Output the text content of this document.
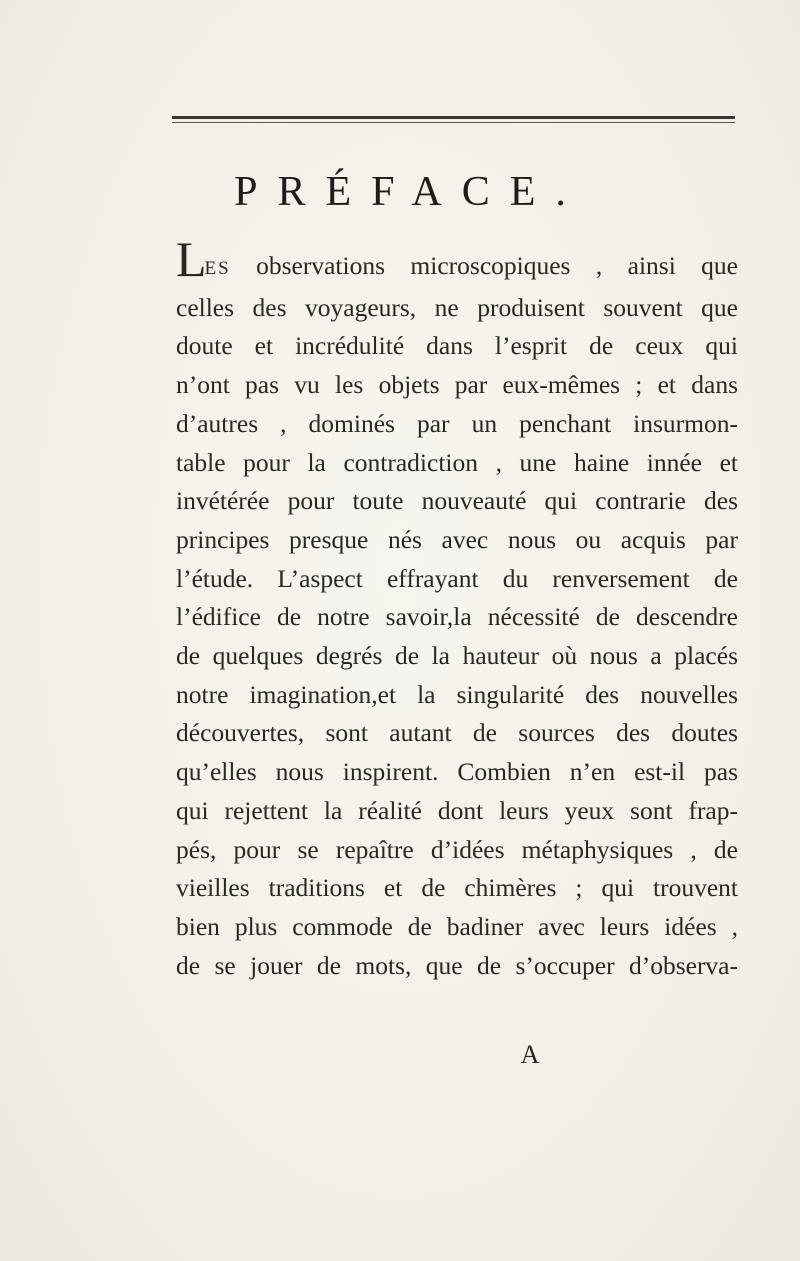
PRÉFACE.
LES observations microscopiques , ainsi que
celles des voyageurs, ne produisent souvent que
doute et incrédulité dans l’esprit de ceux qui
n’ont pas vu les objets par eux-mêmes ; et dans
d’autres , dominés par un penchant insurmon-
table pour la contradiction , une haine innée et
invétérée pour toute nouveauté qui contrarie des
principes presque nés avec nous ou acquis par
l’étude. L’aspect effrayant du renversement de
l’édifice de notre savoir,la nécessité de descendre
de quelques degrés de la hauteur où nous a placés
notre imagination,et la singularité des nouvelles
découvertes, sont autant de sources des doutes
qu’elles nous inspirent. Combien n’en est-il pas
qui rejettent la réalité dont leurs yeux sont frap-
pés, pour se repaître d’idées métaphysiques , de
vieilles traditions et de chimères ; qui trouvent
bien plus commode de badiner avec leurs idées ,
de se jouer de mots, que de s’occuper d’observa-
A
